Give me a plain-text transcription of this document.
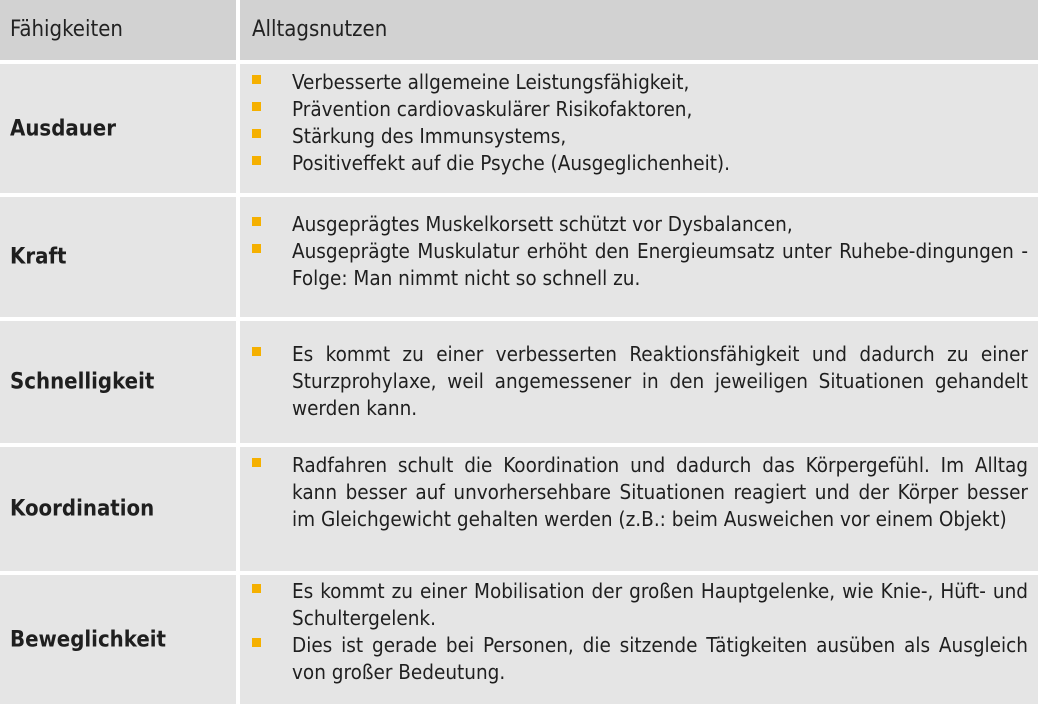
Fähigkeiten	Alltagsnutzen
Ausdauer
Verbesserte allgemeine Leistungsfähigkeit,
Prävention cardiovaskulärer Risikofaktoren,
Stärkung des Immunsystems,
Positiveffekt auf die Psyche (Ausgeglichenheit).
Kraft
Ausgeprägtes Muskelkorsett schützt vor Dysbalancen,
Ausgeprägte Muskulatur erhöht den Energieumsatz unter Ruhebe-dingungen - Folge: Man nimmt nicht so schnell zu.
Schnelligkeit
Es kommt zu einer verbesserten Reaktionsfähigkeit und dadurch zu einer Sturzprohylaxe, weil angemessener in den jeweiligen Situationen gehandelt werden kann.
Koordination
Radfahren schult die Koordination und dadurch das Körpergefühl. Im Alltag kann besser auf unvorhersehbare Situationen reagiert und der Körper besser im Gleichgewicht gehalten werden (z.B.: beim Ausweichen vor einem Objekt)
Beweglichkeit
Es kommt zu einer Mobilisation der großen Hauptgelenke, wie Knie-, Hüft- und Schultergelenk.
Dies ist gerade bei Personen, die sitzende Tätigkeiten ausüben als Ausgleich von großer Bedeutung.
